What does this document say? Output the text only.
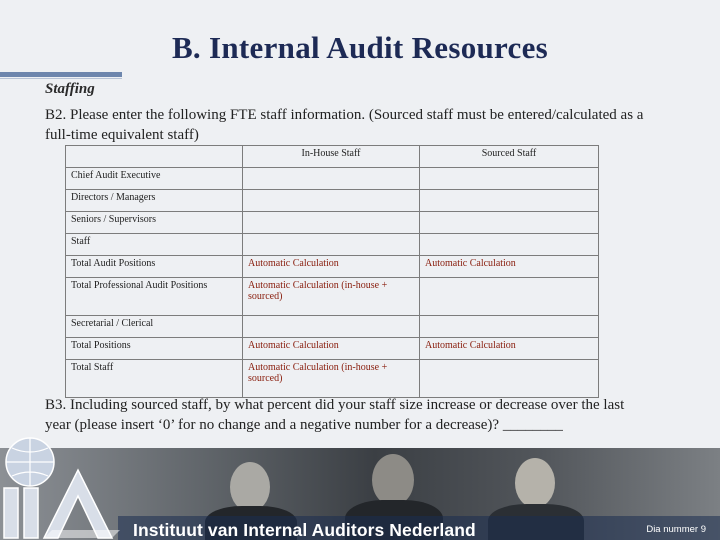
B. Internal Audit Resources
Staffing
B2. Please enter the following FTE staff information. (Sourced staff must be entered/calculated as a full-time equivalent staff)
	In-House Staff	Sourced Staff
Chief Audit Executive		
Directors / Managers		
Seniors / Supervisors		
Staff		
Total Audit Positions	Automatic Calculation	Automatic Calculation
Total Professional Audit Positions	Automatic Calculation (in-house + sourced)	
Secretarial / Clerical		
Total Positions	Automatic Calculation	Automatic Calculation
Total Staff	Automatic Calculation (in-house + sourced)	
B3. Including sourced staff, by what percent did your staff size increase or decrease over the last year (please insert ‘0’ for no change and a negative number for a decrease)? ________
Instituut van Internal Auditors Nederland	Dia nummer 9
